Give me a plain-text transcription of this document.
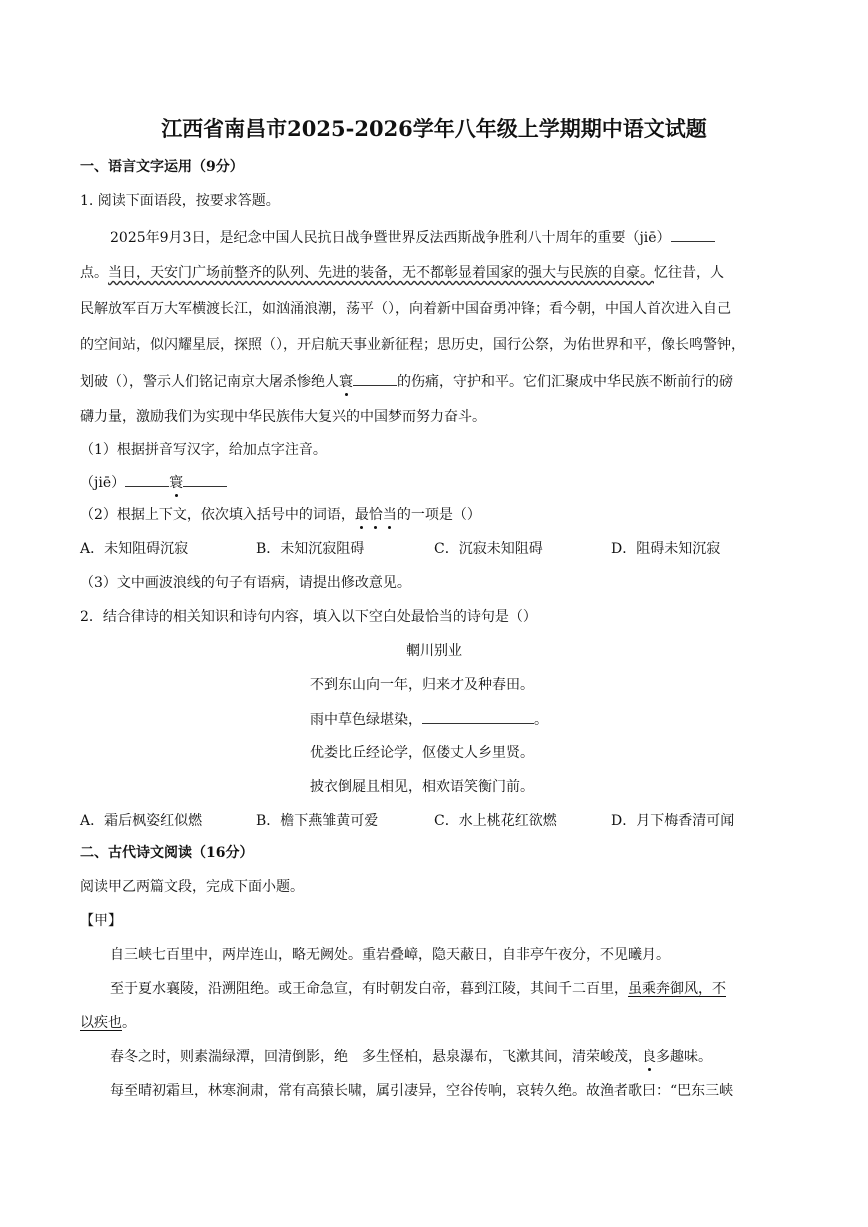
江西省南昌市2025-2026学年八年级上学期期中语文试题
一、语言文字运用（9分）
1. 阅读下面语段，按要求答题。
2025年9月3日，是纪念中国人民抗日战争暨世界反法西斯战争胜利八十周年的重要（jiē）
点。当日，天安门广场前整齐的队列、先进的装备，无不都彰显着国家的强大与民族的自豪。忆往昔，人
民解放军百万大军横渡长江，如汹涌浪潮，荡平（），向着新中国奋勇冲锋；看今朝，中国人首次进入自己
的空间站，似闪耀星辰，探照（），开启航天事业新征程；思历史，国行公祭，为佑世界和平，像长鸣警钟，
划破（），警示人们铭记南京大屠杀惨绝人寰	的伤痛，守护和平。它们汇聚成中华民族不断前行的磅
礴力量，激励我们为实现中华民族伟大复兴的中国梦而努力奋斗。
（1）根据拼音写汉字，给加点字注音。
（jiē）	寰
（2）根据上下文，依次填入括号中的词语，最恰当的一项是（）
A．未知阻碍沉寂	B．未知沉寂阻碍	C．沉寂未知阻碍	D．阻碍未知沉寂
（3）文中画波浪线的句子有语病，请提出修改意见。
2．结合律诗的相关知识和诗句内容，填入以下空白处最恰当的诗句是（）
輞川别业
不到东山向一年，归来才及种春田。
雨中草色绿堪染，	。
优娄比丘经论学，伛偻丈人乡里贤。
披衣倒屣且相见，相欢语笑衡门前。
A．霜后枫姿红似燃	B．檐下燕雏黄可爱	C．水上桃花红欲燃	D．月下梅香清可闻
二、古代诗文阅读（16分）
阅读甲乙两篇文段，完成下面小题。
【甲】
自三峡七百里中，两岸连山，略无阙处。重岩叠嶂，隐天蔽日，自非亭午夜分，不见曦月。
至于夏水襄陵，沿溯阻绝。或王命急宣，有时朝发白帝，暮到江陵，其间千二百里，虽乘奔御风，不
以疾也。
春冬之时，则素湍绿潭，回清倒影，绝　多生怪柏，悬泉瀑布，飞漱其间，清荣峻茂，良多趣味。
每至晴初霜旦，林寒涧肃，常有高猿长啸，属引凄异，空谷传响，哀转久绝。故渔者歌曰：“巴东三峡
